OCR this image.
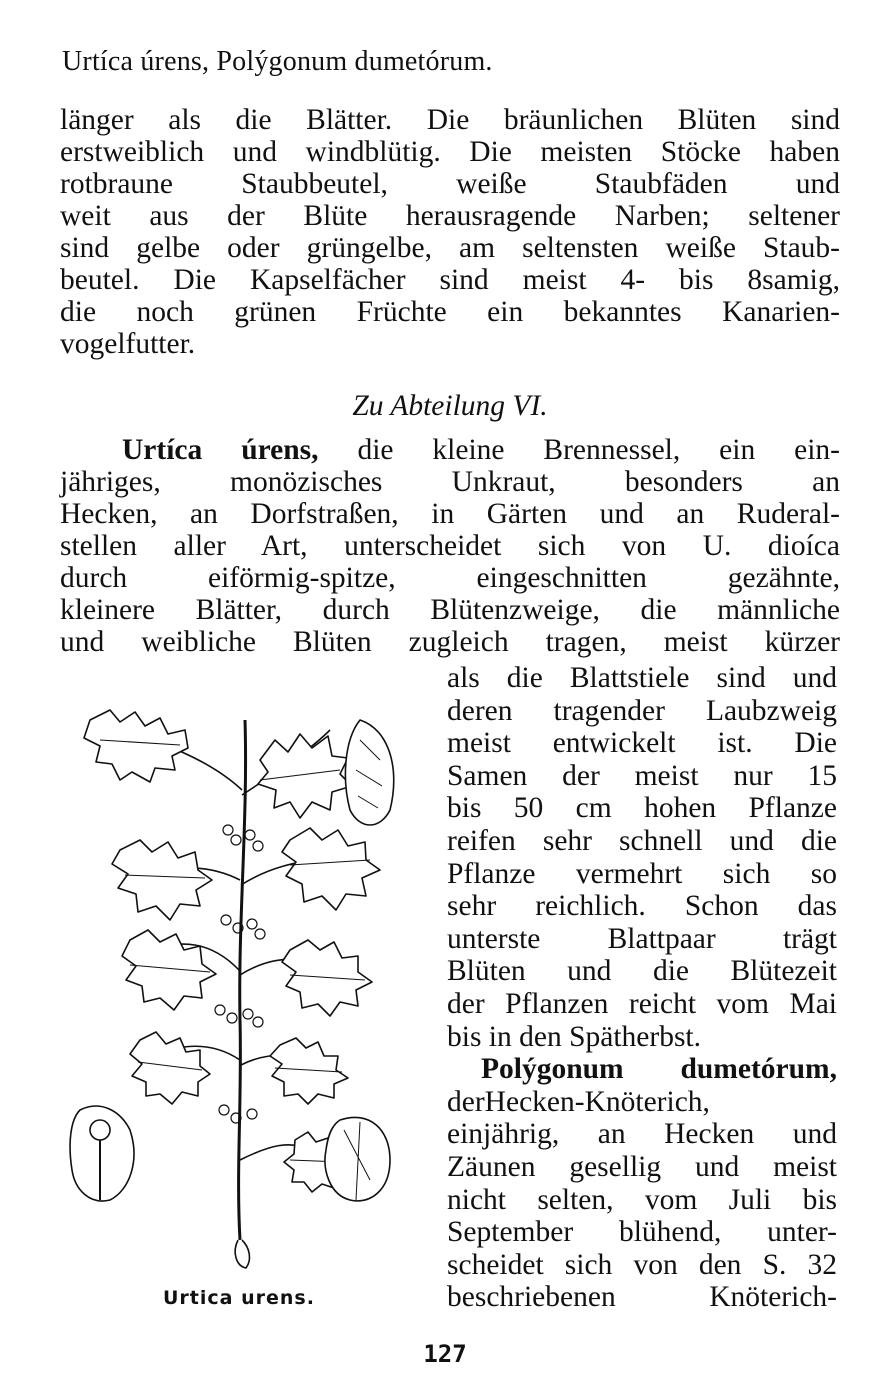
Urtíca úrens, Polýgonum dumetórum.
länger als die Blätter. Die bräunlichen Blüten sind
erstweiblich und windblütig. Die meisten Stöcke haben
rotbraune Staubbeutel, weiße Staubfäden und
weit aus der Blüte herausragende Narben; seltener
sind gelbe oder grüngelbe, am seltensten weiße Staub-
beutel. Die Kapselfächer sind meist 4- bis 8samig,
die noch grünen Früchte ein bekanntes Kanarien-
vogelfutter.
Zu Abteilung VI.
Urtíca úrens, die kleine Brennessel, ein ein-
jähriges, monözisches Unkraut, besonders an
Hecken, an Dorfstraßen, in Gärten und an Ruderal-
stellen aller Art, unterscheidet sich von U. dioíca
durch eiförmig-spitze, eingeschnitten gezähnte,
kleinere Blätter, durch Blütenzweige, die männliche
und weibliche Blüten zugleich tragen, meist kürzer
als die Blattstiele sind und
deren tragender Laubzweig
meist entwickelt ist. Die
Samen der meist nur 15
bis 50 cm hohen Pflanze
reifen sehr schnell und die
Pflanze vermehrt sich so
sehr reichlich. Schon das
unterste Blattpaar trägt
Blüten und die Blütezeit
der Pflanzen reicht vom Mai
bis in den Spätherbst.
Polýgonum dumetórum,
derHecken-Knöterich,
einjährig, an Hecken und
Zäunen gesellig und meist
nicht selten, vom Juli bis
September blühend, unter-
scheidet sich von den S. 32
beschriebenen Knöterich-
Urtica urens.
127
